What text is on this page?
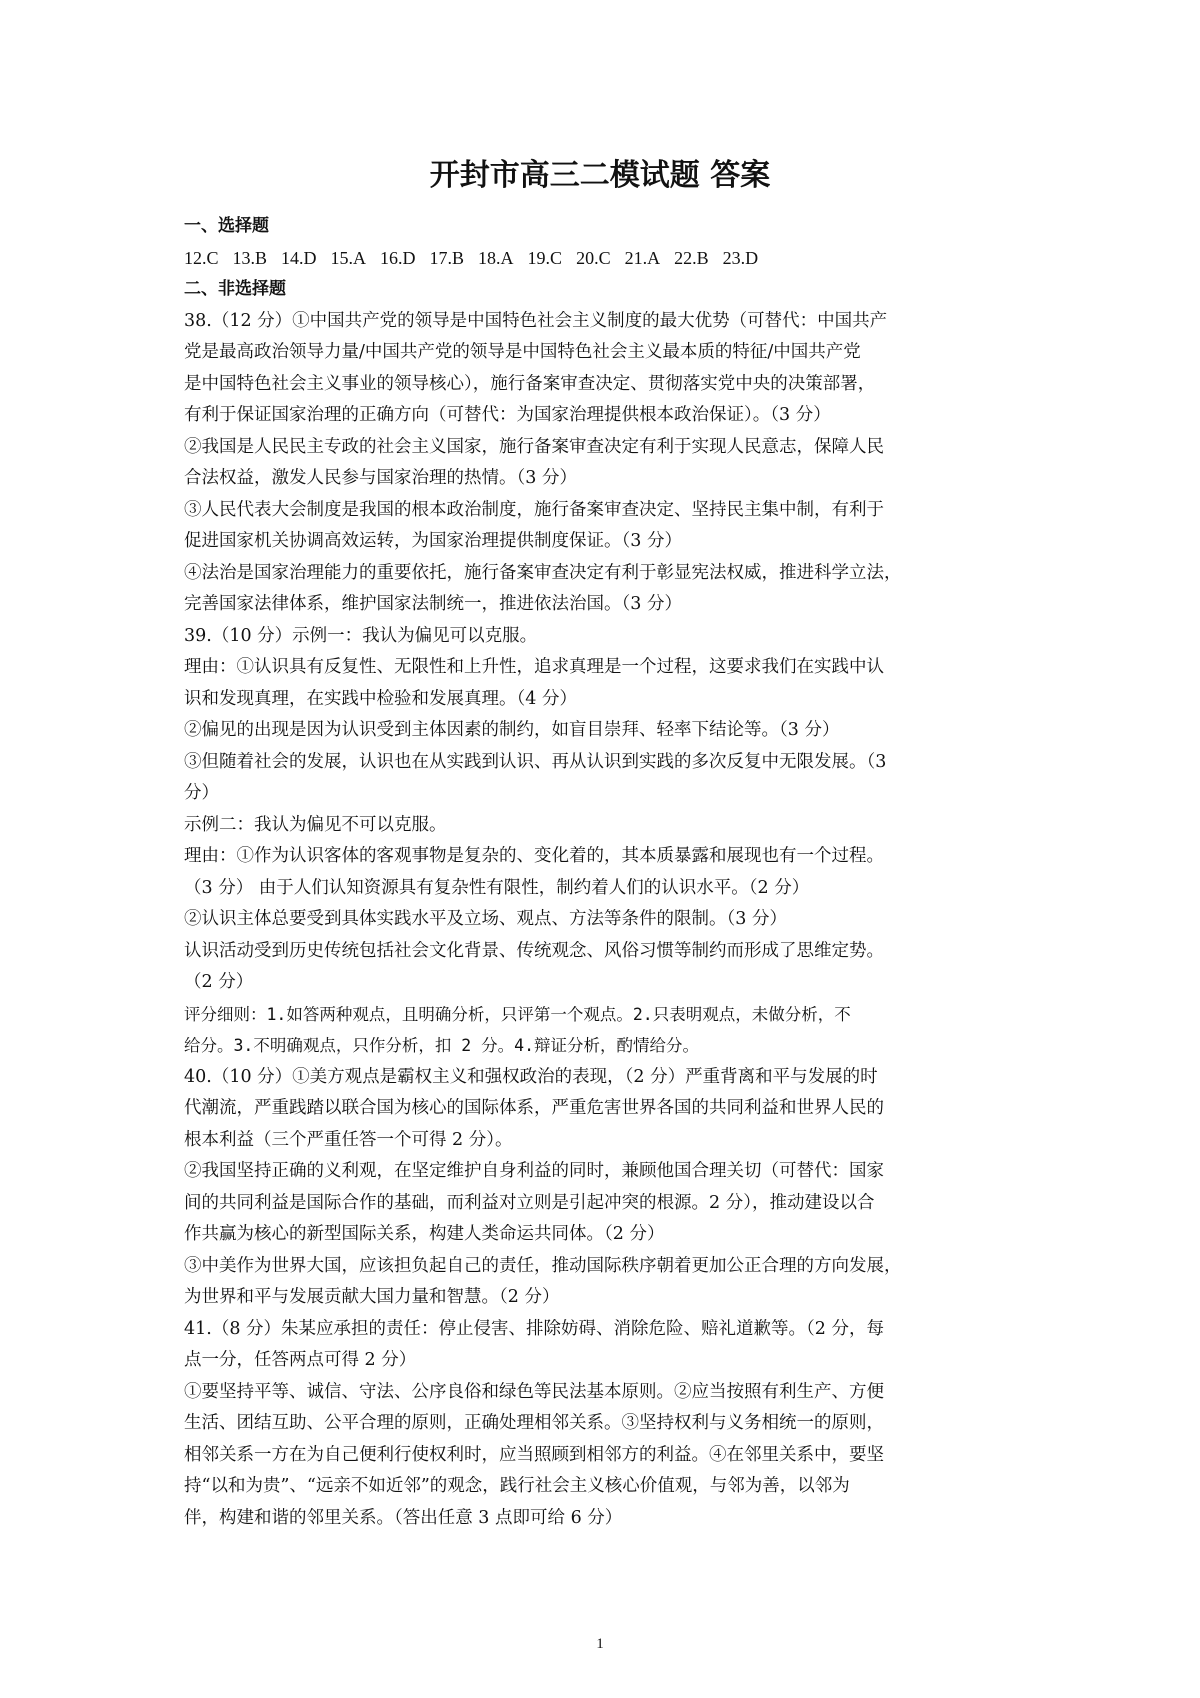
开封市高三二模试题 答案
一、选择题
12.C 13.B 14.D 15.A 16.D 17.B 18.A 19.C 20.C 21.A 22.B 23.D
二、非选择题
38.（12 分）①中国共产党的领导是中国特色社会主义制度的最大优势（可替代：中国共产
党是最高政治领导力量/中国共产党的领导是中国特色社会主义最本质的特征/中国共产党
是中国特色社会主义事业的领导核心），施行备案审查决定、贯彻落实党中央的决策部署，
有利于保证国家治理的正确方向（可替代：为国家治理提供根本政治保证）。（3 分）
②我国是人民民主专政的社会主义国家，施行备案审查决定有利于实现人民意志，保障人民
合法权益，激发人民参与国家治理的热情。（3 分）
③人民代表大会制度是我国的根本政治制度，施行备案审查决定、坚持民主集中制，有利于
促进国家机关协调高效运转，为国家治理提供制度保证。（3 分）
④法治是国家治理能力的重要依托，施行备案审查决定有利于彰显宪法权威，推进科学立法，
完善国家法律体系，维护国家法制统一，推进依法治国。（3 分）
39.（10 分）示例一：我认为偏见可以克服。
理由：①认识具有反复性、无限性和上升性，追求真理是一个过程，这要求我们在实践中认
识和发现真理，在实践中检验和发展真理。（4 分）
②偏见的出现是因为认识受到主体因素的制约，如盲目崇拜、轻率下结论等。（3 分）
③但随着社会的发展，认识也在从实践到认识、再从认识到实践的多次反复中无限发展。（3
分）
示例二：我认为偏见不可以克服。
理由：①作为认识客体的客观事物是复杂的、变化着的，其本质暴露和展现也有一个过程。
（3 分） 由于人们认知资源具有复杂性有限性，制约着人们的认识水平。（2 分）
②认识主体总要受到具体实践水平及立场、观点、方法等条件的限制。（3 分）
认识活动受到历史传统包括社会文化背景、传统观念、风俗习惯等制约而形成了思维定势。
（2 分）
评分细则：1.如答两种观点，且明确分析，只评第一个观点。2.只表明观点，未做分析，不
给分。3.不明确观点，只作分析，扣 2 分。4.辩证分析，酌情给分。
40.（10 分）①美方观点是霸权主义和强权政治的表现，（2 分）严重背离和平与发展的时
代潮流，严重践踏以联合国为核心的国际体系，严重危害世界各国的共同利益和世界人民的
根本利益（三个严重任答一个可得 2 分）。
②我国坚持正确的义利观，在坚定维护自身利益的同时，兼顾他国合理关切（可替代：国家
间的共同利益是国际合作的基础，而利益对立则是引起冲突的根源。2 分），推动建设以合
作共赢为核心的新型国际关系，构建人类命运共同体。（2 分）
③中美作为世界大国，应该担负起自己的责任，推动国际秩序朝着更加公正合理的方向发展，
为世界和平与发展贡献大国力量和智慧。（2 分）
41.（8 分）朱某应承担的责任：停止侵害、排除妨碍、消除危险、赔礼道歉等。（2 分，每
点一分，任答两点可得 2 分）
①要坚持平等、诚信、守法、公序良俗和绿色等民法基本原则。②应当按照有利生产、方便
生活、团结互助、公平合理的原则，正确处理相邻关系。③坚持权利与义务相统一的原则，
相邻关系一方在为自己便利行使权利时，应当照顾到相邻方的利益。④在邻里关系中，要坚
持“以和为贵”、“远亲不如近邻”的观念，践行社会主义核心价值观，与邻为善，以邻为
伴，构建和谐的邻里关系。（答出任意 3 点即可给 6 分）
1
